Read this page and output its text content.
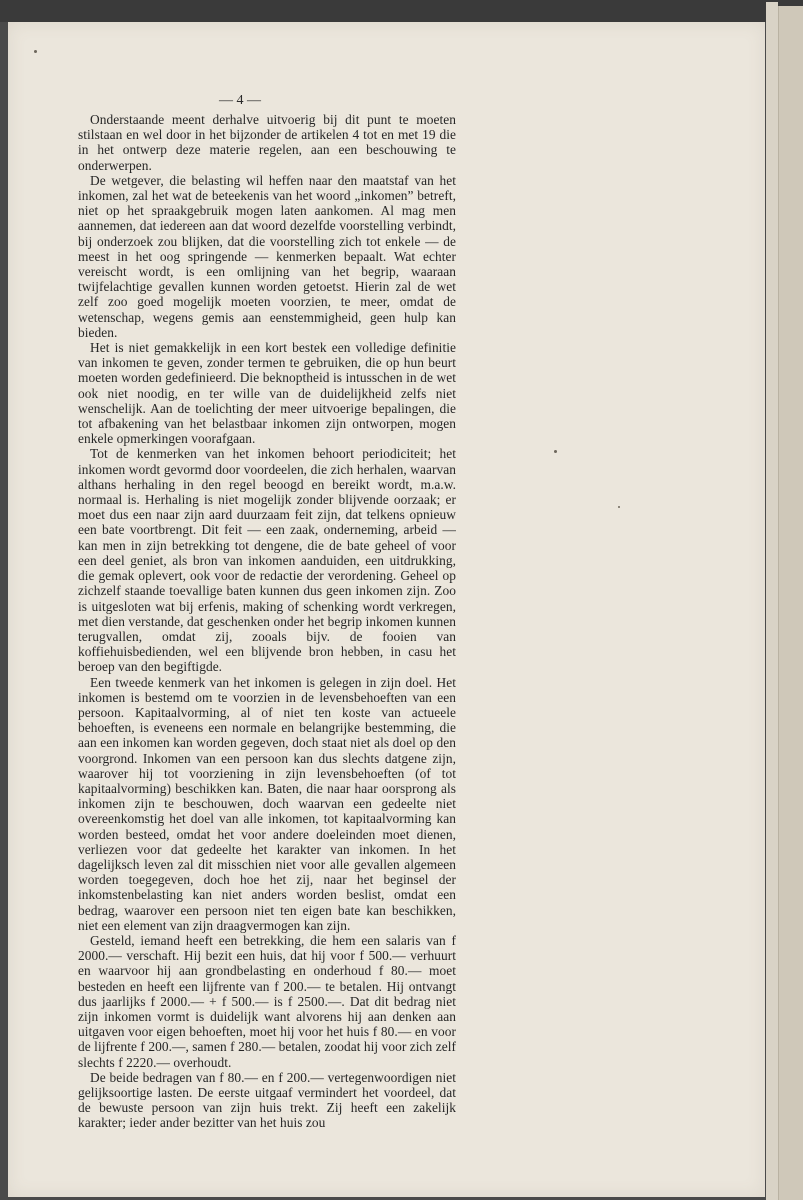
— 4 —

Onderstaande meent derhalve uitvoerig bij dit punt te moeten stilstaan en wel door in het bijzonder de artikelen 4 tot en met 19 die in het ontwerp deze materie regelen, aan een beschouwing te onderwerpen.

De wetgever, die belasting wil heffen naar den maatstaf van het inkomen, zal het wat de beteekenis van het woord „inkomen” betreft, niet op het spraakgebruik mogen laten aankomen. Al mag men aannemen, dat iedereen aan dat woord dezelfde voorstelling verbindt, bij onderzoek zou blijken, dat die voorstelling zich tot enkele — de meest in het oog springende — kenmerken bepaalt. Wat echter vereischt wordt, is een omlijning van het begrip, waaraan twijfelachtige gevallen kunnen worden getoetst. Hierin zal de wet zelf zoo goed mogelijk moeten voorzien, te meer, omdat de wetenschap, wegens gemis aan eenstemmigheid, geen hulp kan bieden.

Het is niet gemakkelijk in een kort bestek een volledige definitie van inkomen te geven, zonder termen te gebruiken, die op hun beurt moeten worden gedefinieerd. Die beknoptheid is intusschen in de wet ook niet noodig, en ter wille van de duidelijkheid zelfs niet wenschelijk. Aan de toelichting der meer uitvoerige bepalingen, die tot afbakening van het belastbaar inkomen zijn ontworpen, mogen enkele opmerkingen voorafgaan.

Tot de kenmerken van het inkomen behoort periodiciteit; het inkomen wordt gevormd door voordeelen, die zich herhalen, waarvan althans herhaling in den regel beoogd en bereikt wordt, m.a.w. normaal is. Herhaling is niet mogelijk zonder blijvende oorzaak; er moet dus een naar zijn aard duurzaam feit zijn, dat telkens opnieuw een bate voortbrengt. Dit feit — een zaak, onderneming, arbeid — kan men in zijn betrekking tot dengene, die de bate geheel of voor een deel geniet, als bron van inkomen aanduiden, een uitdrukking, die gemak oplevert, ook voor de redactie der verordening. Geheel op zichzelf staande toevallige baten kunnen dus geen inkomen zijn. Zoo is uitgesloten wat bij erfenis, making of schenking wordt verkregen, met dien verstande, dat geschenken onder het begrip inkomen kunnen terugvallen, omdat zij, zooals bijv. de fooien van koffiehuisbedienden, wel een blijvende bron hebben, in casu het beroep van den begiftigde.

Een tweede kenmerk van het inkomen is gelegen in zijn doel. Het inkomen is bestemd om te voorzien in de levensbehoeften van een persoon. Kapitaalvorming, al of niet ten koste van actueele behoeften, is eveneens een normale en belangrijke bestemming, die aan een inkomen kan worden gegeven, doch staat niet als doel op den voorgrond. Inkomen van een persoon kan dus slechts datgene zijn, waarover hij tot voorziening in zijn levensbehoeften (of tot kapitaalvorming) beschikken kan. Baten, die naar haar oorsprong als inkomen zijn te beschouwen, doch waarvan een gedeelte niet overeenkomstig het doel van alle inkomen, tot kapitaalvorming kan worden besteed, omdat het voor andere doeleinden moet dienen, verliezen voor dat gedeelte het karakter van inkomen. In het dagelijksch leven zal dit misschien niet voor alle gevallen algemeen worden toegegeven, doch hoe het zij, naar het beginsel der inkomstenbelasting kan niet anders worden beslist, omdat een bedrag, waarover een persoon niet ten eigen bate kan beschikken, niet een element van zijn draagvermogen kan zijn.

Gesteld, iemand heeft een betrekking, die hem een salaris van f 2000.— verschaft. Hij bezit een huis, dat hij voor f 500.— verhuurt en waarvoor hij aan grondbelasting en onderhoud f 80.— moet besteden en heeft een lijfrente van f 200.— te betalen. Hij ontvangt dus jaarlijks f 2000.— + f 500.— is f 2500.—. Dat dit bedrag niet zijn inkomen vormt is duidelijk want alvorens hij aan denken aan uitgaven voor eigen behoeften, moet hij voor het huis f 80.— en voor de lijfrente f 200.—, samen f 280.— betalen, zoodat hij voor zich zelf slechts f 2220.— overhoudt.

De beide bedragen van f 80.— en f 200.— vertegenwoordigen niet gelijksoortige lasten. De eerste uitgaaf vermindert het voordeel, dat de bewuste persoon van zijn huis trekt. Zij heeft een zakelijk karakter; ieder ander bezitter van het huis zou
